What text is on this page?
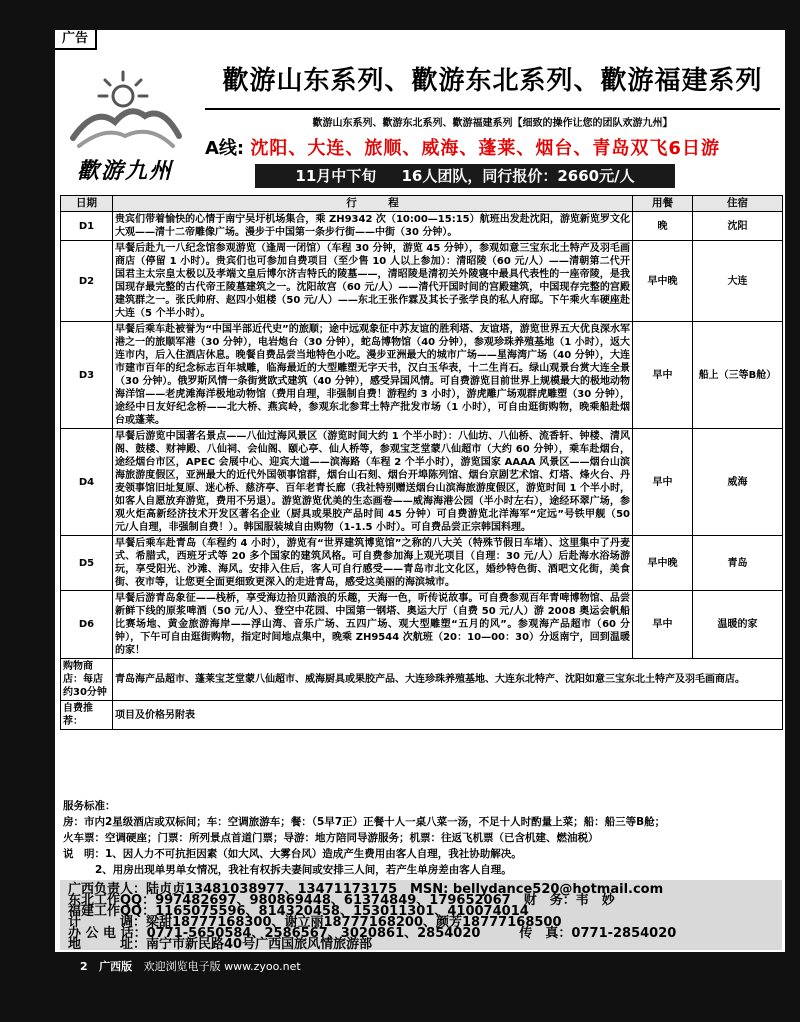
广告
歡游九州
歡游山东系列、歡游东北系列、歡游福建系列
歡游山东系列、歡游东北系列、歡游福建系列【细致的操作让您的团队欢游九州】
A线: 沈阳、大连、旅顺、威海、蓬莱、烟台、青岛双飞6日游
11月中下旬 16人团队，同行报价：2660元/人
日期	行　　　程	用餐	住宿
D1	贵宾们带着愉快的心情于南宁吴圩机场集合，乘 ZH9342 次（10:00—15:15）航班出发赴沈阳，游览新览罗文化大观——清十二帝雕像广场。漫步于中国第一条步行街——中街（30 分钟）。	晚	沈阳
D2	早餐后赴九一八纪念馆参观游览（逢周一闭馆）（车程 30 分钟，游览 45 分钟），参观如意三宝东北土特产及羽毛画商店（停留 1 小时）。贵宾们也可参加自费项目（至少售 10 人以上参加）：清昭陵（60 元/人）——清朝第二代开国君主太宗皇太极以及孝端文皇后博尔济吉特氏的陵墓——，清昭陵是清初关外陵寝中最具代表性的一座帝陵，是我国现存最完整的古代帝王陵墓建筑之一。沈阳故宫（60 元/人）——清代开国时间的宫殿建筑，中国现存完整的宫殿建筑群之一。张氏帅府、赵四小姐楼（50 元/人）——东北王张作霖及其长子张学良的私人府邸。下午乘火车硬座赴大连（5 个半小时）。	早中晚	大连
D3	早餐后乘车赴被誉为“中国半部近代史”的旅顺；途中远观象征中苏友谊的胜利塔、友谊塔，游览世界五大优良深水军港之一的旅顺军港（30 分钟），电岩炮台（30 分钟），蛇岛博物馆（40 分钟），参观珍珠养殖基地（1 小时），返大连市内，后入住酒店休息。晚餐自费品尝当地特色小吃。漫步亚洲最大的城市广场——星海湾广场（40 分钟），大连市建市百年的纪念标志百年城雕，临海最近的大型雕塑无字天书，汉白玉华表，十二生肖石。绿山观景台赏大连全景（30 分钟）。俄罗斯风情一条街赏欧式建筑（40 分钟），感受异国风情。可自费游览目前世界上规模最大的极地动物海洋馆——老虎滩海洋极地动物馆（费用自理，非强制自费！游程约 3 小时），游虎雕广场观群虎雕塑（30 分钟），途经中日友好纪念桥——北大桥、燕宾岭，参观东北参茸土特产批发市场（1 小时），可自由逛街购物，晚乘船赴烟台或蓬莱。	早中	船上（三等B舱）
D4	早餐后游览中国著名景点——八仙过海风景区（游览时间大约 1 个半小时）：八仙坊、八仙桥、流香轩、钟楼、清风阁、鼓楼、财神殿、八仙祠、会仙阁、颐心亭、仙人桥等，参观宝芝堂蒙八仙超市（大约 60 分钟），乘车赴烟台，途经烟台市区，APEC 会展中心、迎宾大道——滨海路（车程 2 个半小时），游览国家 AAAA 风景区——烟台山滨海旅游度假区，亚洲最大的近代外国领事馆群，烟台山石刻、烟台开埠陈列馆、烟台京剧艺术馆、灯塔、烽火台、丹麦领事馆旧址复原、迷心桥、慈济亭、百年老青长廊（我社特别赠送烟台山滨海旅游度假区，游览时间 1 个半小时，如客人自愿放弃游览，费用不另退）。游览游览优美的生态画卷——威海海港公园（半小时左右），途经环翠广场，参观火炬高新经济技术开发区著名企业（厨具或果胶产品时间 45 分钟）可自费游览北洋海军“定远”号铁甲舰（50 元/人自理，非强制自费！）。韩国服装城自由购物（1-1.5 小时）。可自费品尝正宗韩国料理。	早中	威海
D5	早餐后乘车赴青岛（车程约 4 小时），游览有“世界建筑博览馆”之称的八大关（特殊节假日车堵）、这里集中了丹麦式、希腊式，西班牙式等 20 多个国家的建筑风格。可自费参加海上观光项目（自理：30 元/人）后赴海水浴场游玩，享受阳光、沙滩、海风。安排入住后，客人可自行感受——青岛市北文化区，婚纱特色街、酒吧文化街，美食街、夜市等，让您更全面更细致更深入的走进青岛，感受这美丽的海滨城市。	早中晚	青岛
D6	早餐后游青岛象征——栈桥，享受海边拾贝踏浪的乐趣，天海一色，听传说故事。可自费参观百年青啤博物馆、品尝新鲜下线的原浆啤酒（50 元/人）、登空中花园、中国第一钢塔、奥运大厅（自费 50 元/人）游 2008 奥运会帆船比赛场地、黄金旅游海岸——浮山湾、音乐广场、五四广场、观大型雕塑“五月的风”。参观海产品超市（60 分钟），下午可自由逛街购物，指定时间地点集中，晚乘 ZH9544 次航班（20：10—00：30）分返南宁，回到温暖的家！	早中	温暖的家
购物商店：每店约30分钟	青岛海产品超市、蓬莱宝芝堂蒙八仙超市、威海厨具或果胶产品、大连珍珠养殖基地、大连东北特产、沈阳如意三宝东北土特产及羽毛画商店。		
自费推荐：	项目及价格另附表		
服务标准：
房：市内2星级酒店或双标间；车：空调旅游车；餐：（5早7正）正餐十人一桌八菜一汤，不足十人时酌量上菜；船：船三等B舱；
火车票：空调硬座；门票：所列景点首道门票；导游：地方陪同导游服务；机票：往返飞机票（已含机建、燃油税）
说　明：1、因人力不可抗拒因素（如大风、大雾台风）造成产生费用由客人自理，我社协助解决。
2、用房出现单男单女情况，我社有权拆夫妻间或安排三人间，若产生单房差由客人自理。
广西负责人：陆贞贞13481038977、13471173175　MSN: bellydance520@hotmail.com
东北工作QQ：997482697、980869448、61374849、179652067　财　务：韦　妙
福建工作QQ：1165075596、814320458、153011301、410074014
计　　　调：梁甜18777168300、谢立丽18777168200、颜芳18777168500
办 公 电 话：0771-5650584、2586567、3020861、2854020　　　传　真：0771-2854020
地　　　址：南宁市新民路40号广西国旅风情旅游部
2 广西版 欢迎浏览电子版 www.zyoo.net
